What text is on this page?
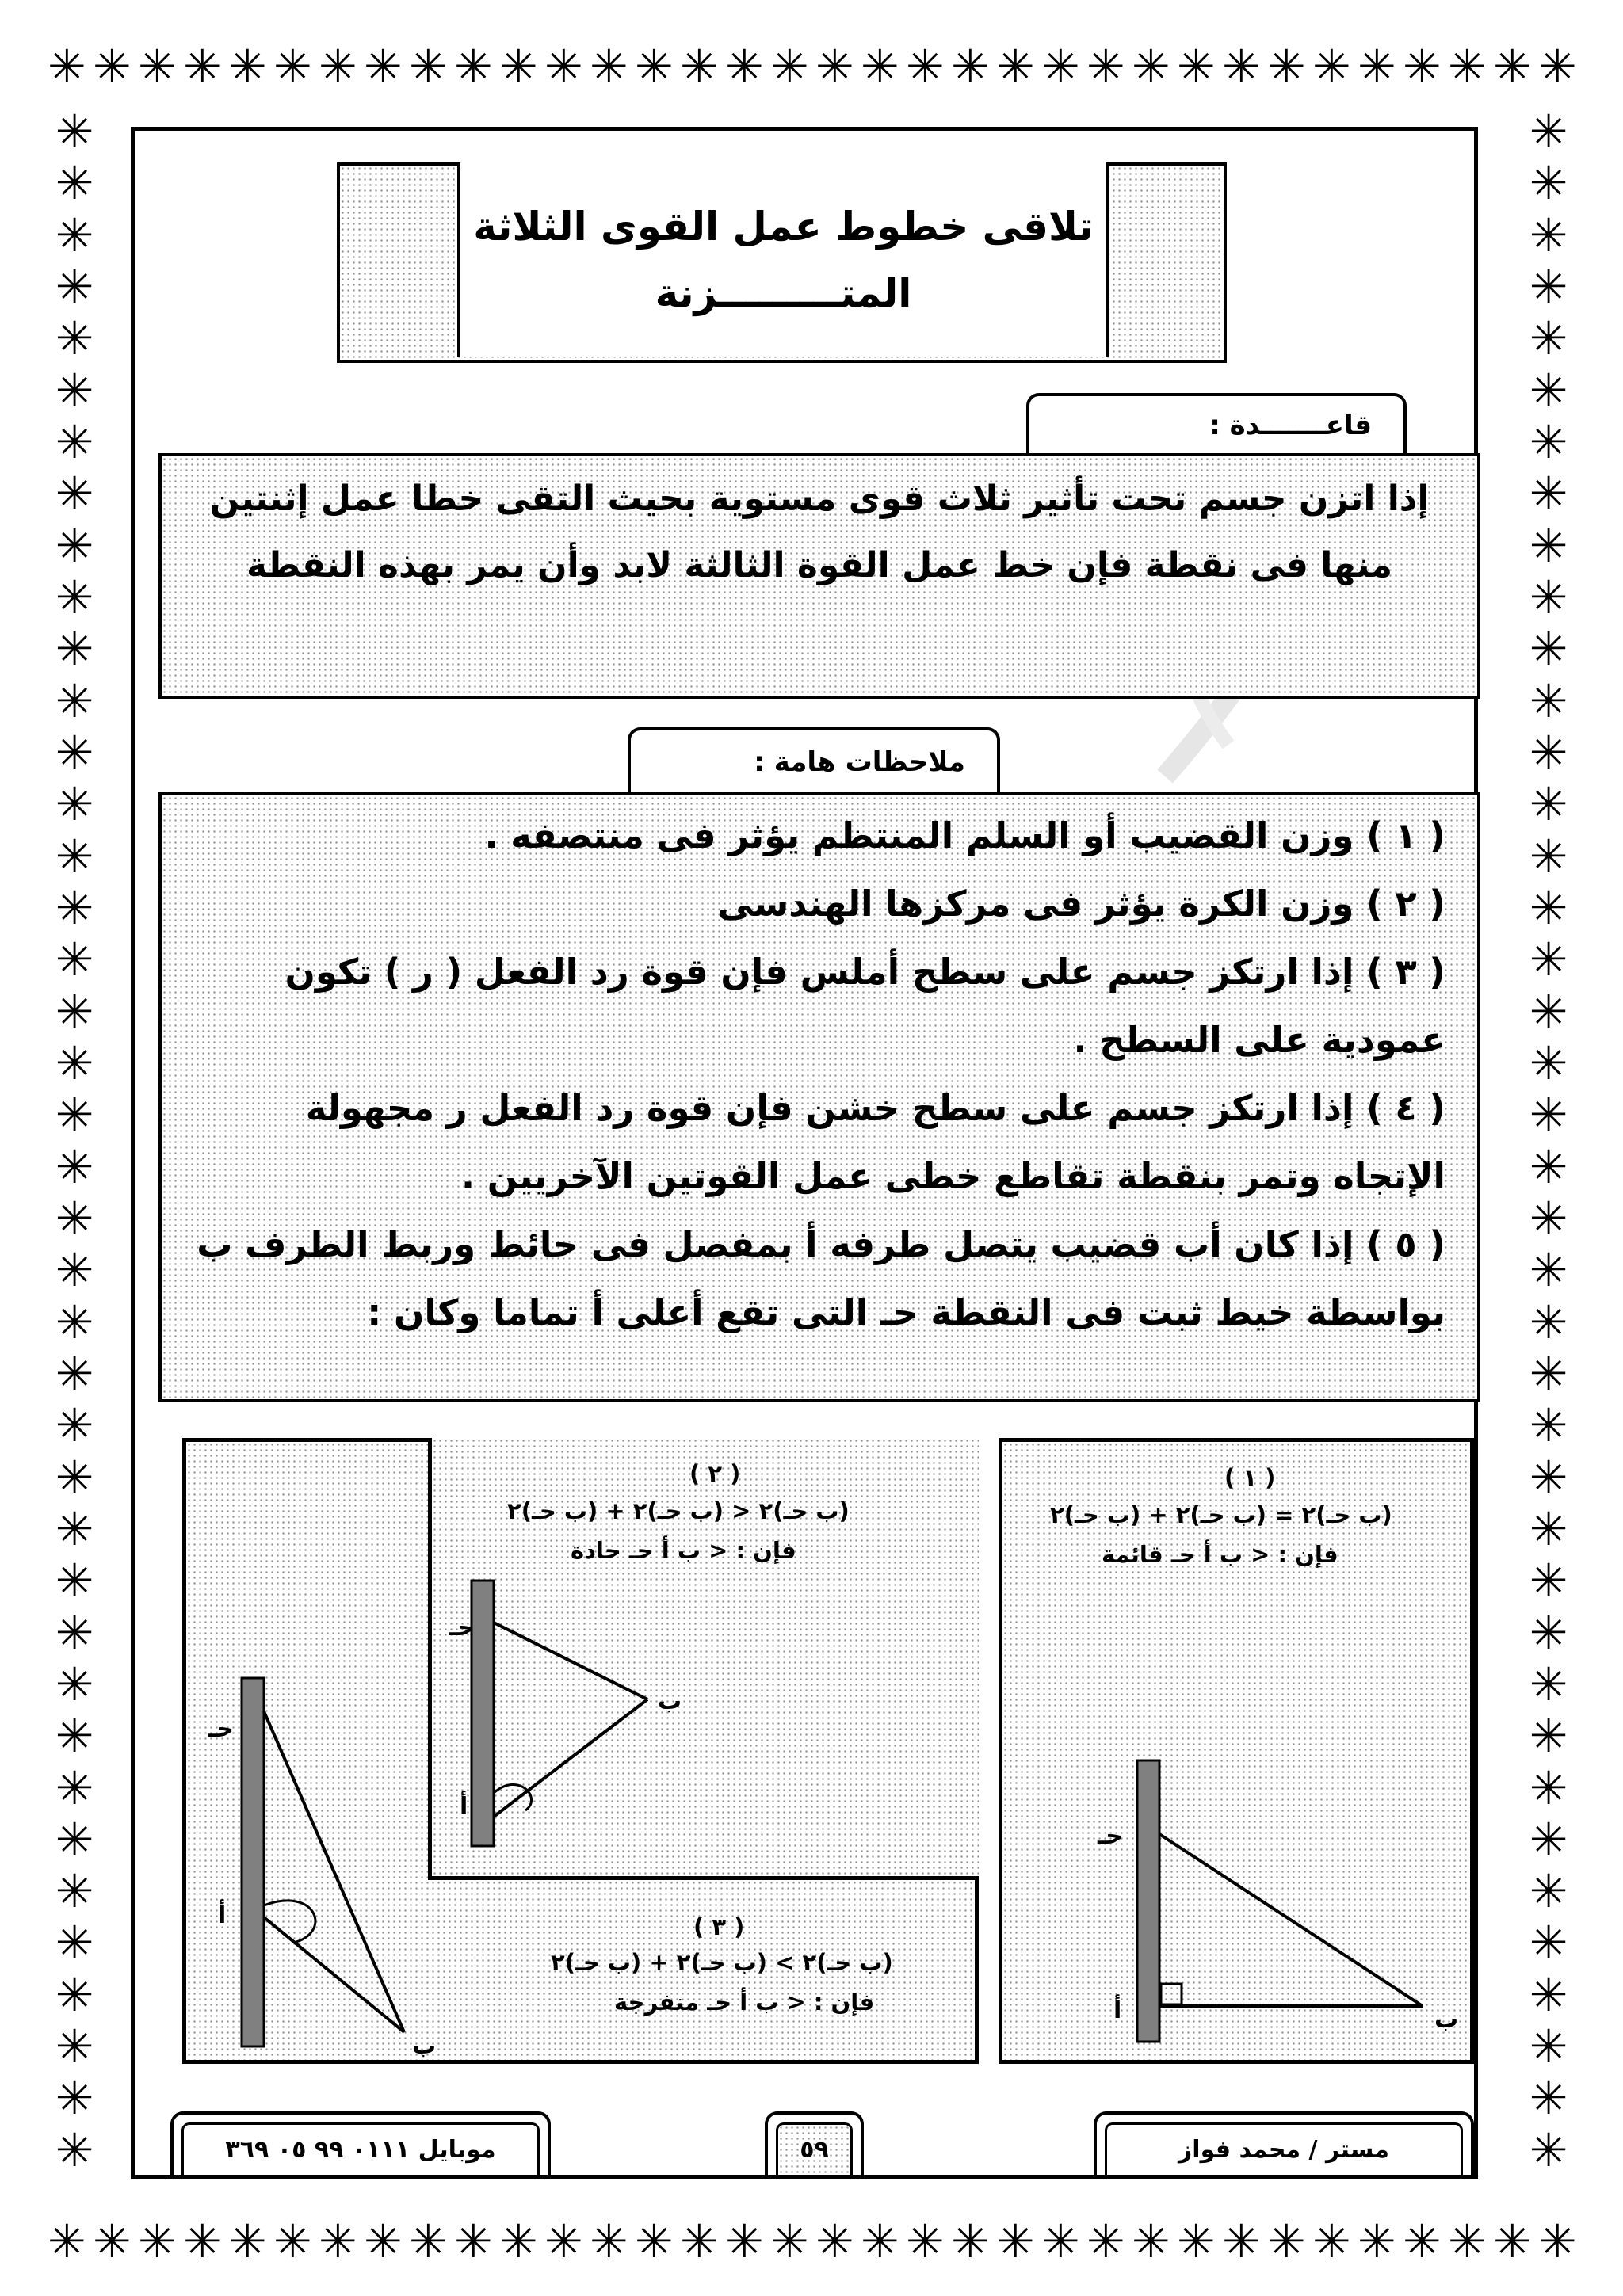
✳ ✳ ✳ ✳ ✳ ✳ ✳ ✳ ✳ ✳ ✳ ✳ ✳ ✳ ✳ ✳ ✳ ✳ ✳ ✳ ✳ ✳ ✳ ✳ ✳ ✳ ✳ ✳ ✳ ✳ ✳ ✳ ✳ ✳
✳ ✳ ✳ ✳ ✳ ✳ ✳ ✳ ✳ ✳ ✳ ✳ ✳ ✳ ✳ ✳ ✳ ✳ ✳ ✳ ✳ ✳ ✳ ✳ ✳ ✳ ✳ ✳ ✳ ✳ ✳ ✳ ✳ ✳
✳
✳
✳
✳
✳
✳
✳
✳
✳
✳
✳
✳
✳
✳
✳
✳
✳
✳
✳
✳
✳
✳
✳
✳
✳
✳
✳
✳
✳
✳
✳
✳
✳
✳
✳
✳
✳
✳
✳
✳
✳
✳
✳
✳
✳
✳
✳
✳
✳
✳
✳
✳
✳
✳
✳
✳
✳
✳
✳
✳
✳
✳
✳
✳
✳
✳
✳
✳
✳
✳
✳
✳
✳
✳
✳
✳
✳
✳
✳
✳
تلاقى خطوط عمل القوى الثلاثة
المتـــــــــزنة
قاعـــــــدة :
إذا اتزن جسم تحت تأثير ثلاث قوى مستوية بحيث التقى خطا عمل إثنتين منها فى نقطة فإن خط عمل القوة الثالثة لابد وأن يمر بهذه النقطة
ملاحظات هامة :

( ١ ) وزن القضيب أو السلم المنتظم يؤثر فى منتصفه .

( ٢ ) وزن الكرة يؤثر فى مركزها الهندسى

( ٣ ) إذا ارتكز جسم على سطح أملس فإن قوة رد الفعل ( ر ) تكون عمودية على السطح .

( ٤ ) إذا ارتكز جسم على سطح خشن فإن قوة رد الفعل ر مجهولة الإتجاه وتمر بنقطة تقاطع خطى عمل القوتين الآخريين .

( ٥ ) إذا كان أب قضيب يتصل طرفه أ بمفصل فى حائط وربط الطرف ب بواسطة خيط ثبت فى النقطة حـ التى تقع أعلى أ تماما وكان :

حـ
أ
ب
( ٣ )
(ب حـ)٢ > (ب حـ)٢ + (ب حـ)٢
فإن : < ب أ حـ منفرجة
حـ
أ
ب
( ٢ )
(ب حـ)٢ < (ب حـ)٢ + (ب حـ)٢
فإن : < ب أ حـ حادة
حـ
أ	ب
( ١ )
(ب حـ)٢ = (ب حـ)٢ + (ب حـ)٢
فإن : < ب أ حـ قائمة
موبايل ٠١١١ ٩٩ ٠٥ ٣٦٩	٥٩	مستر / محمد فواز
